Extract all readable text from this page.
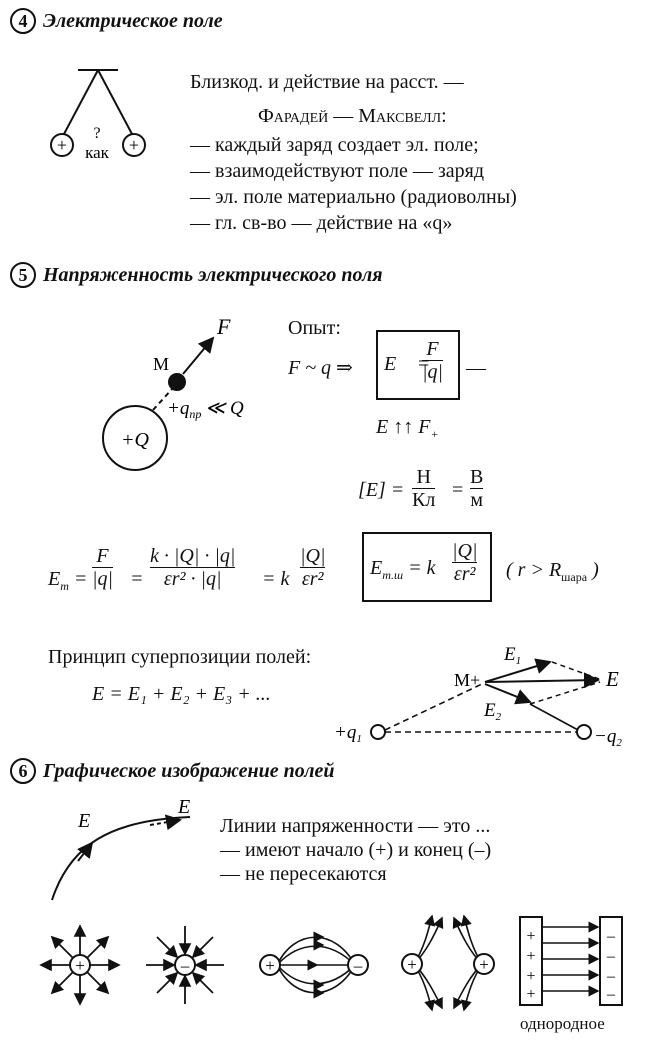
4 Электрическое поле
+	+
?
как
Близкод. и действие на расст. —
Фарадей — Максвелл:
— каждый заряд создает эл. поле;
— взаимодействуют поле — заряд
— эл. поле материально (радиоволны)
— гл. св-во — действие на «q»
5 Напряженность электрического поля
+Q
F
М
$+q_{пр}$ ≪ Q
Опыт:
F ~ q ⇒ E⃗ =
$\frac{F}{|q|}$ —
E ↑↑ $F_+$
[E] =
Н
Кл =
В
м
$E_т = \frac{F}{|q|} = \frac{k \cdot |Q| \cdot |q|}{\text{εr² · |q|}} = k \frac{|Q|}{\text{εr²}} E_{т.ш} = k \frac{|Q|}{\text{εr²}}$ ( $r > R_{шара}$ )
Принцип суперпозиции полей:
E = E₁ + E₂ + E₃ + ...
М+
$E_1$
$E_2$
E
$+q_1$	$-q_2$
6 Графическое изображение полей
E
E
Линии напряженности — это ...
— имеют начало (+) и конец (–)
— не пересекаются
+	–	+	–	+	+
+
+
+
+
–
–
–
–
однородное
